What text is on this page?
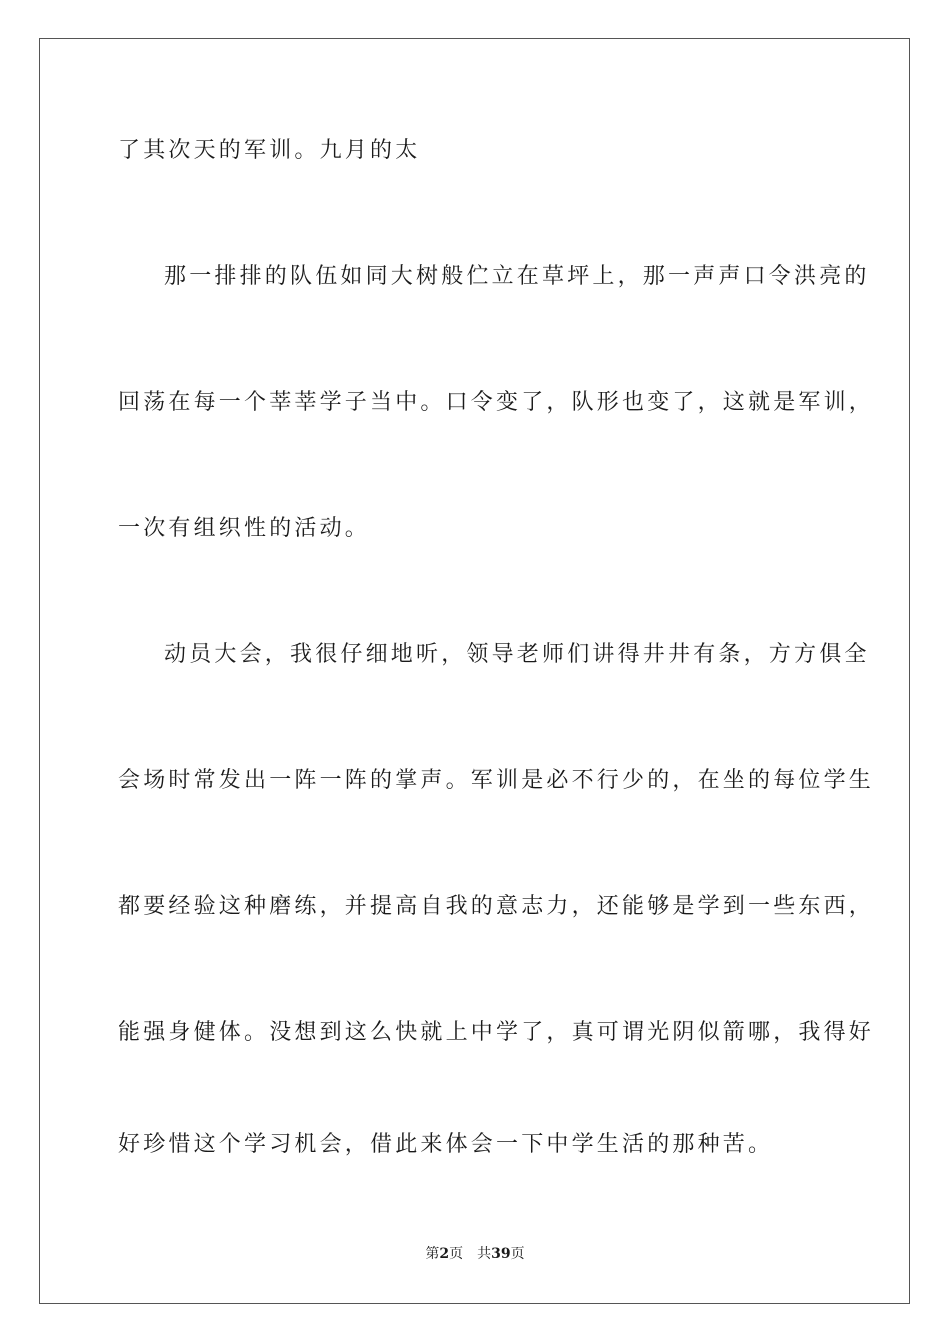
了其次天的军训。九月的太
那一排排的队伍如同大树般伫立在草坪上，那一声声口令洪亮的
回荡在每一个莘莘学子当中。口令变了，队形也变了，这就是军训，
一次有组织性的活动。
动员大会，我很仔细地听，领导老师们讲得井井有条，方方俱全
会场时常发出一阵一阵的掌声。军训是必不行少的，在坐的每位学生
都要经验这种磨练，并提高自我的意志力，还能够是学到一些东西，
能强身健体。没想到这么快就上中学了，真可谓光阴似箭哪，我得好
好珍惜这个学习机会，借此来体会一下中学生活的那种苦。
第2页 共39页
